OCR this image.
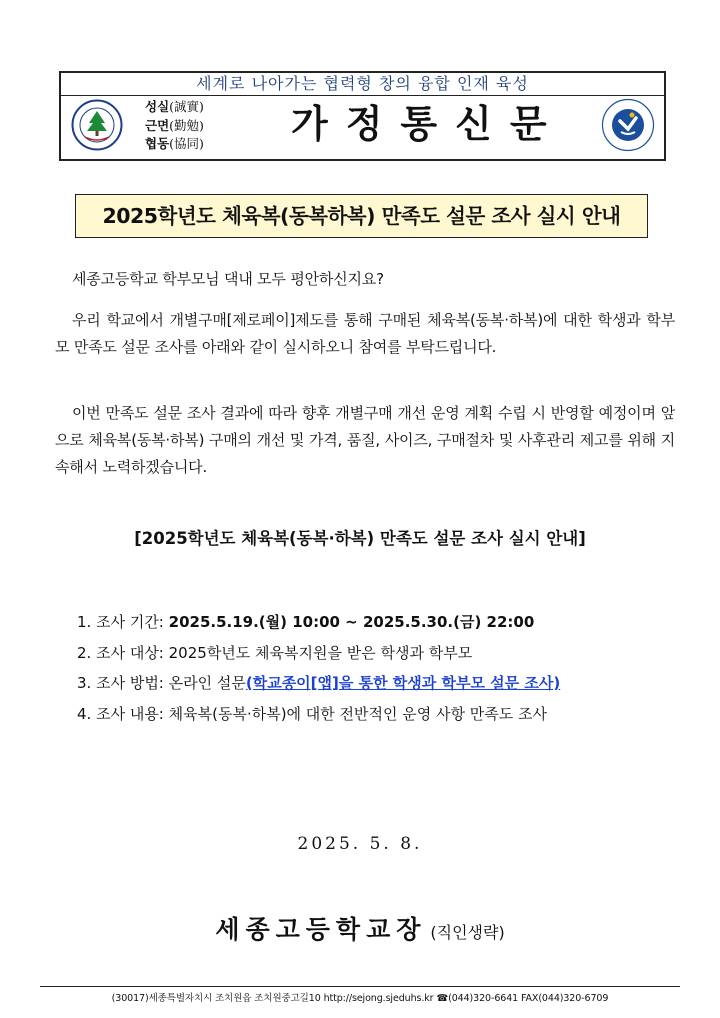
세계로 나아가는 협력형 창의 융합 인재 육성
성실(誠實)
근면(勤勉)
협동(協同) 가정통신문
2025학년도 체육복(동복하복) 만족도 설문 조사 실시 안내
세종고등학교 학부모님 댁내 모두 평안하신지요?
우리 학교에서 개별구매[제로페이]제도를 통해 구매된 체육복(동복·하복)에 대한 학생과 학부모 만족도 설문 조사를 아래와 같이 실시하오니 참여를 부탁드립니다.
이번 만족도 설문 조사 결과에 따라 향후 개별구매 개선 운영 계획 수립 시 반영할 예정이며 앞으로 체육복(동복·하복) 구매의 개선 및 가격, 품질, 사이즈, 구매절차 및 사후관리 제고를 위해 지속해서 노력하겠습니다.
[2025학년도 체육복(동복·하복) 만족도 설문 조사 실시 안내]
1. 조사 기간: 2025.5.19.(월) 10:00 ~ 2025.5.30.(금) 22:00
2. 조사 대상: 2025학년도 체육복지원을 받은 학생과 학부모
3. 조사 방법: 온라인 설문(학교종이[앱]을 통한 학생과 학부모 설문 조사)
4. 조사 내용: 체육복(동복·하복)에 대한 전반적인 운영 사항 만족도 조사
2025. 5. 8.
세종고등학교장 (직인생략)
(30017)세종특별자치시 조치원읍 조치원중고길10 http://sejong.sjeduhs.kr ☎(044)320-6641 FAX(044)320-6709
